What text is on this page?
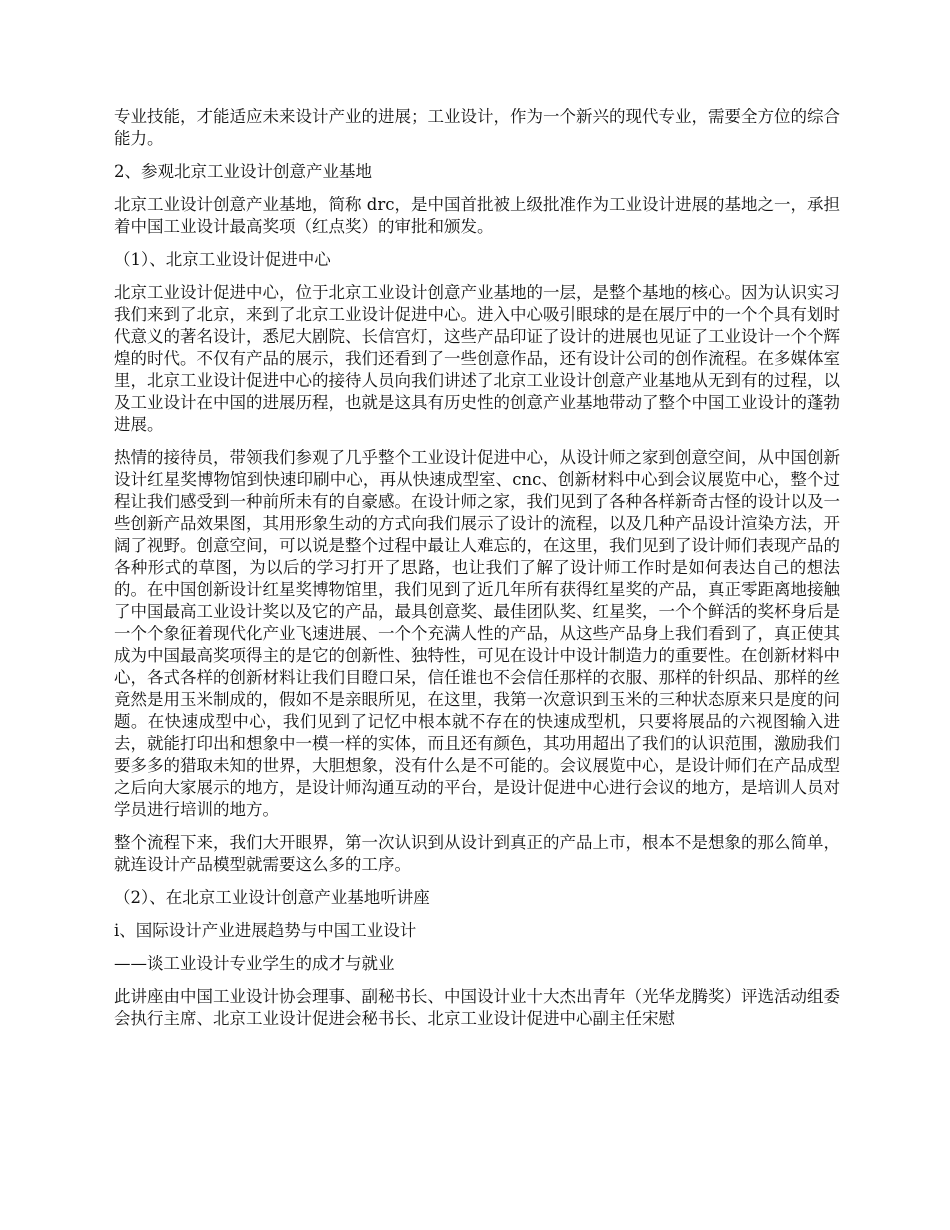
专业技能，才能适应未来设计产业的进展；工业设计，作为一个新兴的现代专业，需要全方位的综合能力。

2、参观北京工业设计创意产业基地

北京工业设计创意产业基地，简称 drc，是中国首批被上级批准作为工业设计进展的基地之一，承担着中国工业设计最高奖项（红点奖）的审批和颁发。

（1）、北京工业设计促进中心

北京工业设计促进中心，位于北京工业设计创意产业基地的一层，是整个基地的核心。因为认识实习我们来到了北京，来到了北京工业设计促进中心。进入中心吸引眼球的是在展厅中的一个个具有划时代意义的著名设计，悉尼大剧院、长信宫灯，这些产品印证了设计的进展也见证了工业设计一个个辉煌的时代。不仅有产品的展示，我们还看到了一些创意作品，还有设计公司的创作流程。在多媒体室里，北京工业设计促进中心的接待人员向我们讲述了北京工业设计创意产业基地从无到有的过程，以及工业设计在中国的进展历程，也就是这具有历史性的创意产业基地带动了整个中国工业设计的蓬勃进展。

热情的接待员，带领我们参观了几乎整个工业设计促进中心，从设计师之家到创意空间，从中国创新设计红星奖博物馆到快速印刷中心，再从快速成型室、cnc、创新材料中心到会议展览中心，整个过程让我们感受到一种前所未有的自豪感。在设计师之家，我们见到了各种各样新奇古怪的设计以及一些创新产品效果图，其用形象生动的方式向我们展示了设计的流程，以及几种产品设计渲染方法，开阔了视野。创意空间，可以说是整个过程中最让人难忘的，在这里，我们见到了设计师们表现产品的各种形式的草图，为以后的学习打开了思路，也让我们了解了设计师工作时是如何表达自己的想法的。在中国创新设计红星奖博物馆里，我们见到了近几年所有获得红星奖的产品，真正零距离地接触了中国最高工业设计奖以及它的产品，最具创意奖、最佳团队奖、红星奖，一个个鲜活的奖杯身后是一个个象征着现代化产业飞速进展、一个个充满人性的产品，从这些产品身上我们看到了，真正使其成为中国最高奖项得主的是它的创新性、独特性，可见在设计中设计制造力的重要性。在创新材料中心，各式各样的创新材料让我们目瞪口呆，信任谁也不会信任那样的衣服、那样的针织品、那样的丝竟然是用玉米制成的，假如不是亲眼所见，在这里，我第一次意识到玉米的三种状态原来只是度的问题。在快速成型中心，我们见到了记忆中根本就不存在的快速成型机，只要将展品的六视图输入进去，就能打印出和想象中一模一样的实体，而且还有颜色，其功用超出了我们的认识范围，激励我们要多多的猎取未知的世界，大胆想象，没有什么是不可能的。会议展览中心，是设计师们在产品成型之后向大家展示的地方，是设计师沟通互动的平台，是设计促进中心进行会议的地方，是培训人员对学员进行培训的地方。

整个流程下来，我们大开眼界，第一次认识到从设计到真正的产品上市，根本不是想象的那么简单，就连设计产品模型就需要这么多的工序。

（2）、在北京工业设计创意产业基地听讲座

i、国际设计产业进展趋势与中国工业设计

——谈工业设计专业学生的成才与就业

此讲座由中国工业设计协会理事、副秘书长、中国设计业十大杰出青年（光华龙腾奖）评选活动组委会执行主席、北京工业设计促进会秘书长、北京工业设计促进中心副主任宋慰
